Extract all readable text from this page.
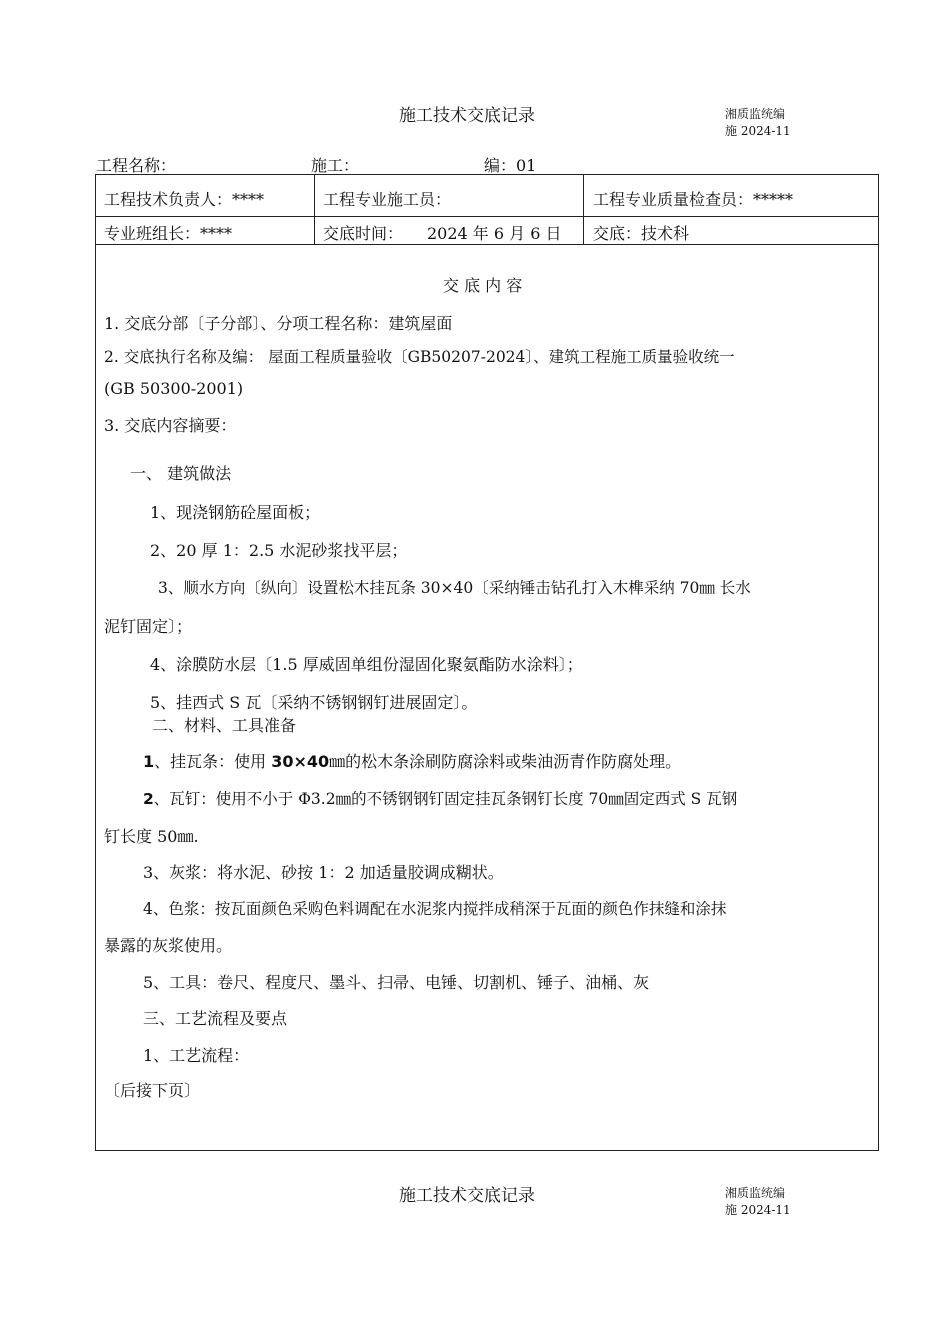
施工技术交底记录	湘质监统编
施 2024-11
工程名称：	施工：	编：01
工程技术负责人：****	工程专业施工员：	工程专业质量检查员：*****
专业班组长：****	交底时间： 2024 年 6 月 6 日 交底：技术科
交 底 内 容
1. 交底分部〔子分部〕、分项工程名称：建筑屋面
2. 交底执行名称及编： 屋面工程质量验收〔GB50207-2024〕、建筑工程施工质量验收统一
(GB 50300-2001)
3. 交底内容摘要：
一、 建筑做法
1、现浇钢筋砼屋面板；
2、20 厚 1：2.5 水泥砂浆找平层；
3、顺水方向〔纵向〕设置松木挂瓦条 30×40〔采纳锤击钻孔打入木榫采纳 70㎜ 长水
泥钉固定〕；
4、涂膜防水层〔1.5 厚威固单组份湿固化聚氨酯防水涂料〕；
5、挂西式 S 瓦〔采纳不锈钢钢钉进展固定〕。
二、材料、工具准备
1、挂瓦条：使用 30×40㎜的松木条涂刷防腐涂料或柴油沥青作防腐处理。
2、瓦钉：使用不小于 Φ3.2㎜的不锈钢钢钉固定挂瓦条钢钉长度 70㎜固定西式 S 瓦钢
钉长度 50㎜.
3、灰浆：将水泥、砂按 1：2 加适量胶调成糊状。
4、色浆：按瓦面颜色采购色料调配在水泥浆内搅拌成稍深于瓦面的颜色作抹缝和涂抹
暴露的灰浆使用。
5、工具：卷尺、程度尺、墨斗、扫帚、电锤、切割机、锤子、油桶、灰
三、工艺流程及要点
1、工艺流程：
〔后接下页〕
施工技术交底记录	湘质监统编
施 2024-11
